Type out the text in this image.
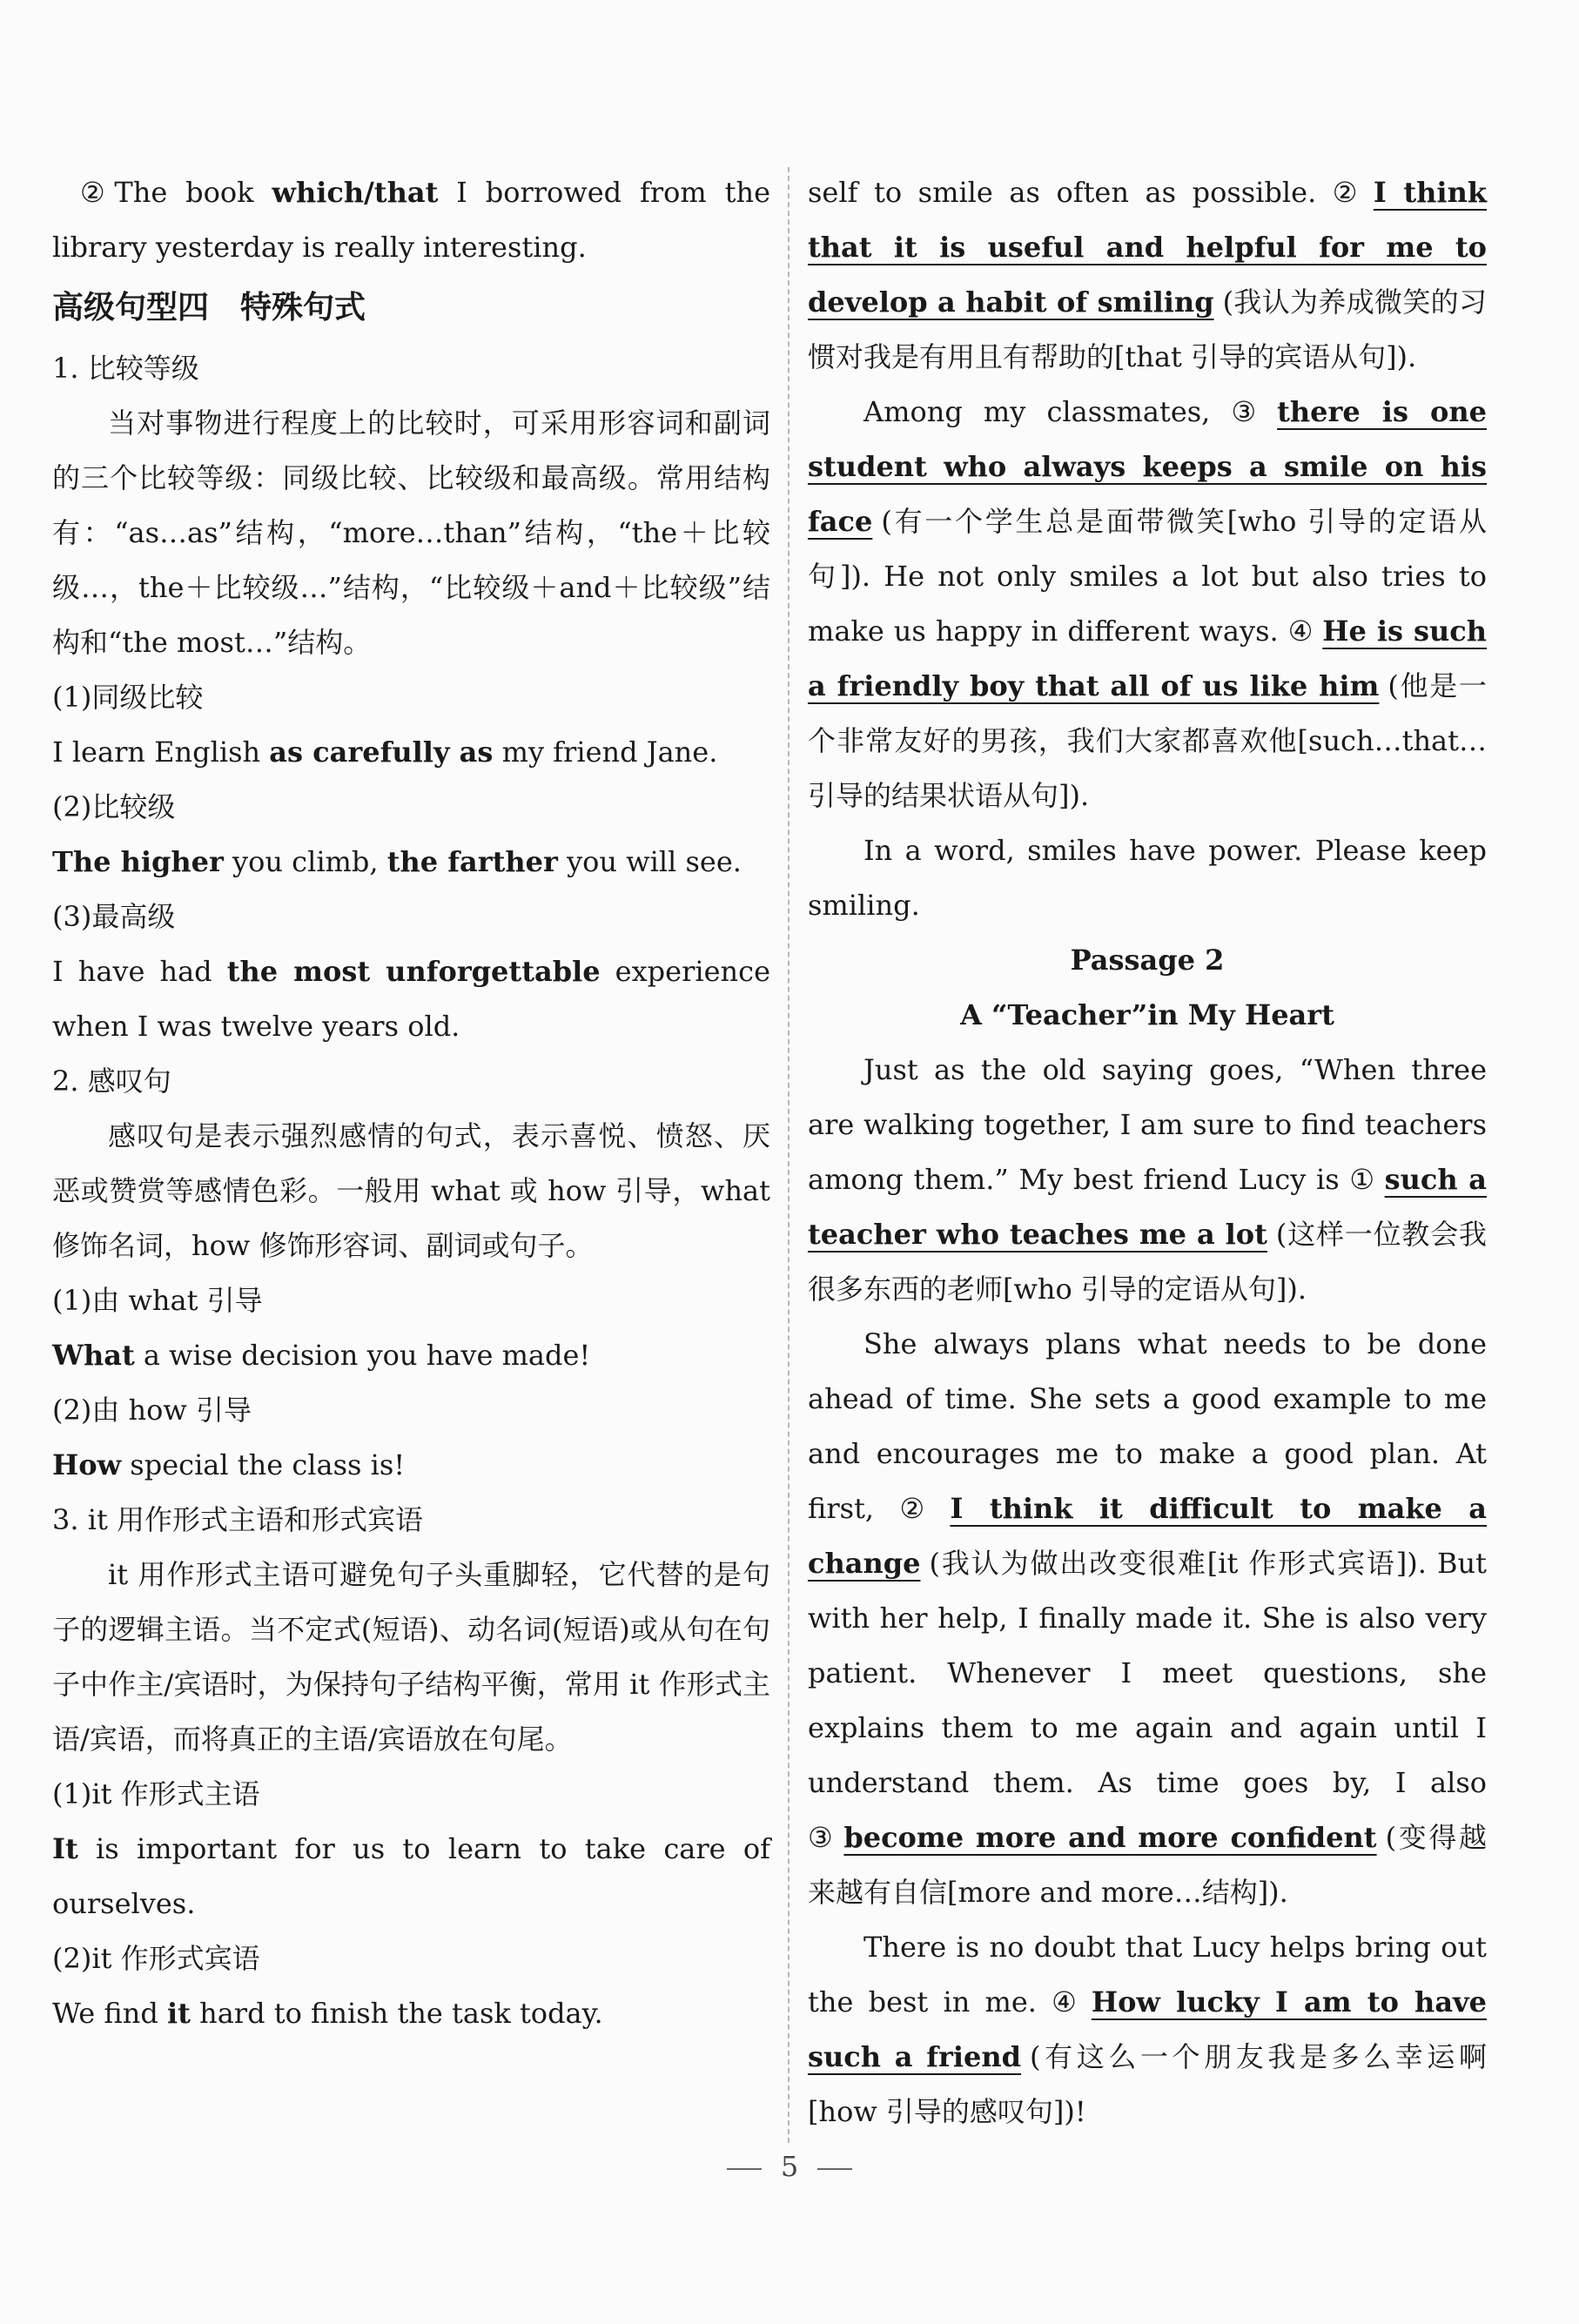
②The book which/that I borrowed from the library yesterday is really interesting.

高级句型四　特殊句式

1. 比较等级

当对事物进行程度上的比较时，可采用形容词和副词的三个比较等级：同级比较、比较级和最高级。常用结构有：“as…as”结构，“more…than”结构，“the＋比较级…，the＋比较级…”结构，“比较级＋and＋比较级”结构和“the most…”结构。

(1)同级比较

I learn English as carefully as my friend Jane.

(2)比较级

The higher you climb, the farther you will see.

(3)最高级

I have had the most unforgettable experience when I was twelve years old.

2. 感叹句

感叹句是表示强烈感情的句式，表示喜悦、愤怒、厌恶或赞赏等感情色彩。一般用 what 或 how 引导，what 修饰名词，how 修饰形容词、副词或句子。

(1)由 what 引导

What a wise decision you have made!

(2)由 how 引导

How special the class is!

3. it 用作形式主语和形式宾语

it 用作形式主语可避免句子头重脚轻，它代替的是句子的逻辑主语。当不定式(短语)、动名词(短语)或从句在句子中作主/宾语时，为保持句子结构平衡，常用 it 作形式主语/宾语，而将真正的主语/宾语放在句尾。

(1)it 作形式主语

It is important for us to learn to take care of ourselves.

(2)it 作形式宾语

We find it hard to finish the task today.

self to smile as often as possible. ② I think that it is useful and helpful for me to develop a habit of smiling (我认为养成微笑的习惯对我是有用且有帮助的[that 引导的宾语从句]).

Among my classmates, ③ there is one student who always keeps a smile on his face (有一个学生总是面带微笑[who 引导的定语从句]). He not only smiles a lot but also tries to make us happy in different ways. ④ He is such a friendly boy that all of us like him (他是一个非常友好的男孩，我们大家都喜欢他[such…that…引导的结果状语从句]).

In a word, smiles have power. Please keep smiling.

Passage 2

A “Teacher”in My Heart

Just as the old saying goes, “When three are walking together, I am sure to find teachers among them.” My best friend Lucy is ① such a teacher who teaches me a lot (这样一位教会我很多东西的老师[who 引导的定语从句]).

She always plans what needs to be done ahead of time. She sets a good example to me and encourages me to make a good plan. At first, ② I think it difficult to make a change (我认为做出改变很难[it 作形式宾语]). But with her help, I finally made it. She is also very patient. Whenever I meet questions, she explains them to me again and again until I understand them. As time goes by, I also ③ become more and more confident (变得越来越有自信[more and more…结构]).

There is no doubt that Lucy helps bring out the best in me. ④ How lucky I am to have such a friend (有这么一个朋友我是多么幸运啊[how 引导的感叹句])!

5
